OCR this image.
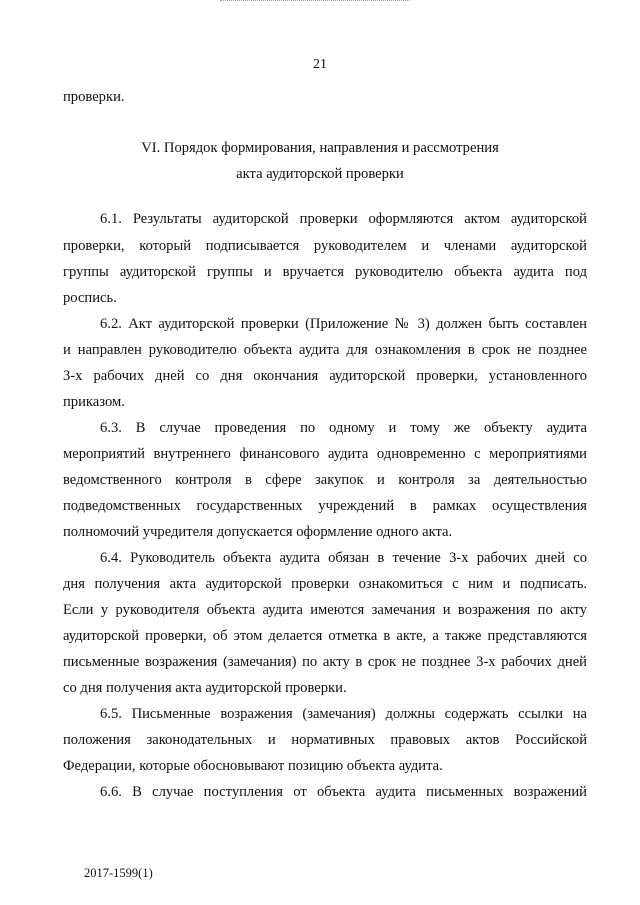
21
проверки.
VI. Порядок формирования, направления и рассмотрения
акта аудиторской проверки
6.1. Результаты аудиторской проверки оформляются актом аудиторской
проверки, который подписывается руководителем и членами аудиторской
группы аудиторской группы и вручается руководителю объекта аудита под
роспись.
6.2. Акт аудиторской проверки (Приложение № 3) должен быть составлен
и направлен руководителю объекта аудита для ознакомления в срок не позднее
3-х рабочих дней со дня окончания аудиторской проверки, установленного
приказом.
6.3. В случае проведения по одному и тому же объекту аудита
мероприятий внутреннего финансового аудита одновременно с мероприятиями
ведомственного контроля в сфере закупок и контроля за деятельностью
подведомственных государственных учреждений в рамках осуществления
полномочий учредителя допускается оформление одного акта.
6.4. Руководитель объекта аудита обязан в течение 3-х рабочих дней со
дня получения акта аудиторской проверки ознакомиться с ним и подписать.
Если у руководителя объекта аудита имеются замечания и возражения по акту
аудиторской проверки, об этом делается отметка в акте, а также представляются
письменные возражения (замечания) по акту в срок не позднее 3-х рабочих дней
со дня получения акта аудиторской проверки.
6.5. Письменные возражения (замечания) должны содержать ссылки на
положения законодательных и нормативных правовых актов Российской
Федерации, которые обосновывают позицию объекта аудита.
6.6. В случае поступления от объекта аудита письменных возражений
2017-1599(1)
